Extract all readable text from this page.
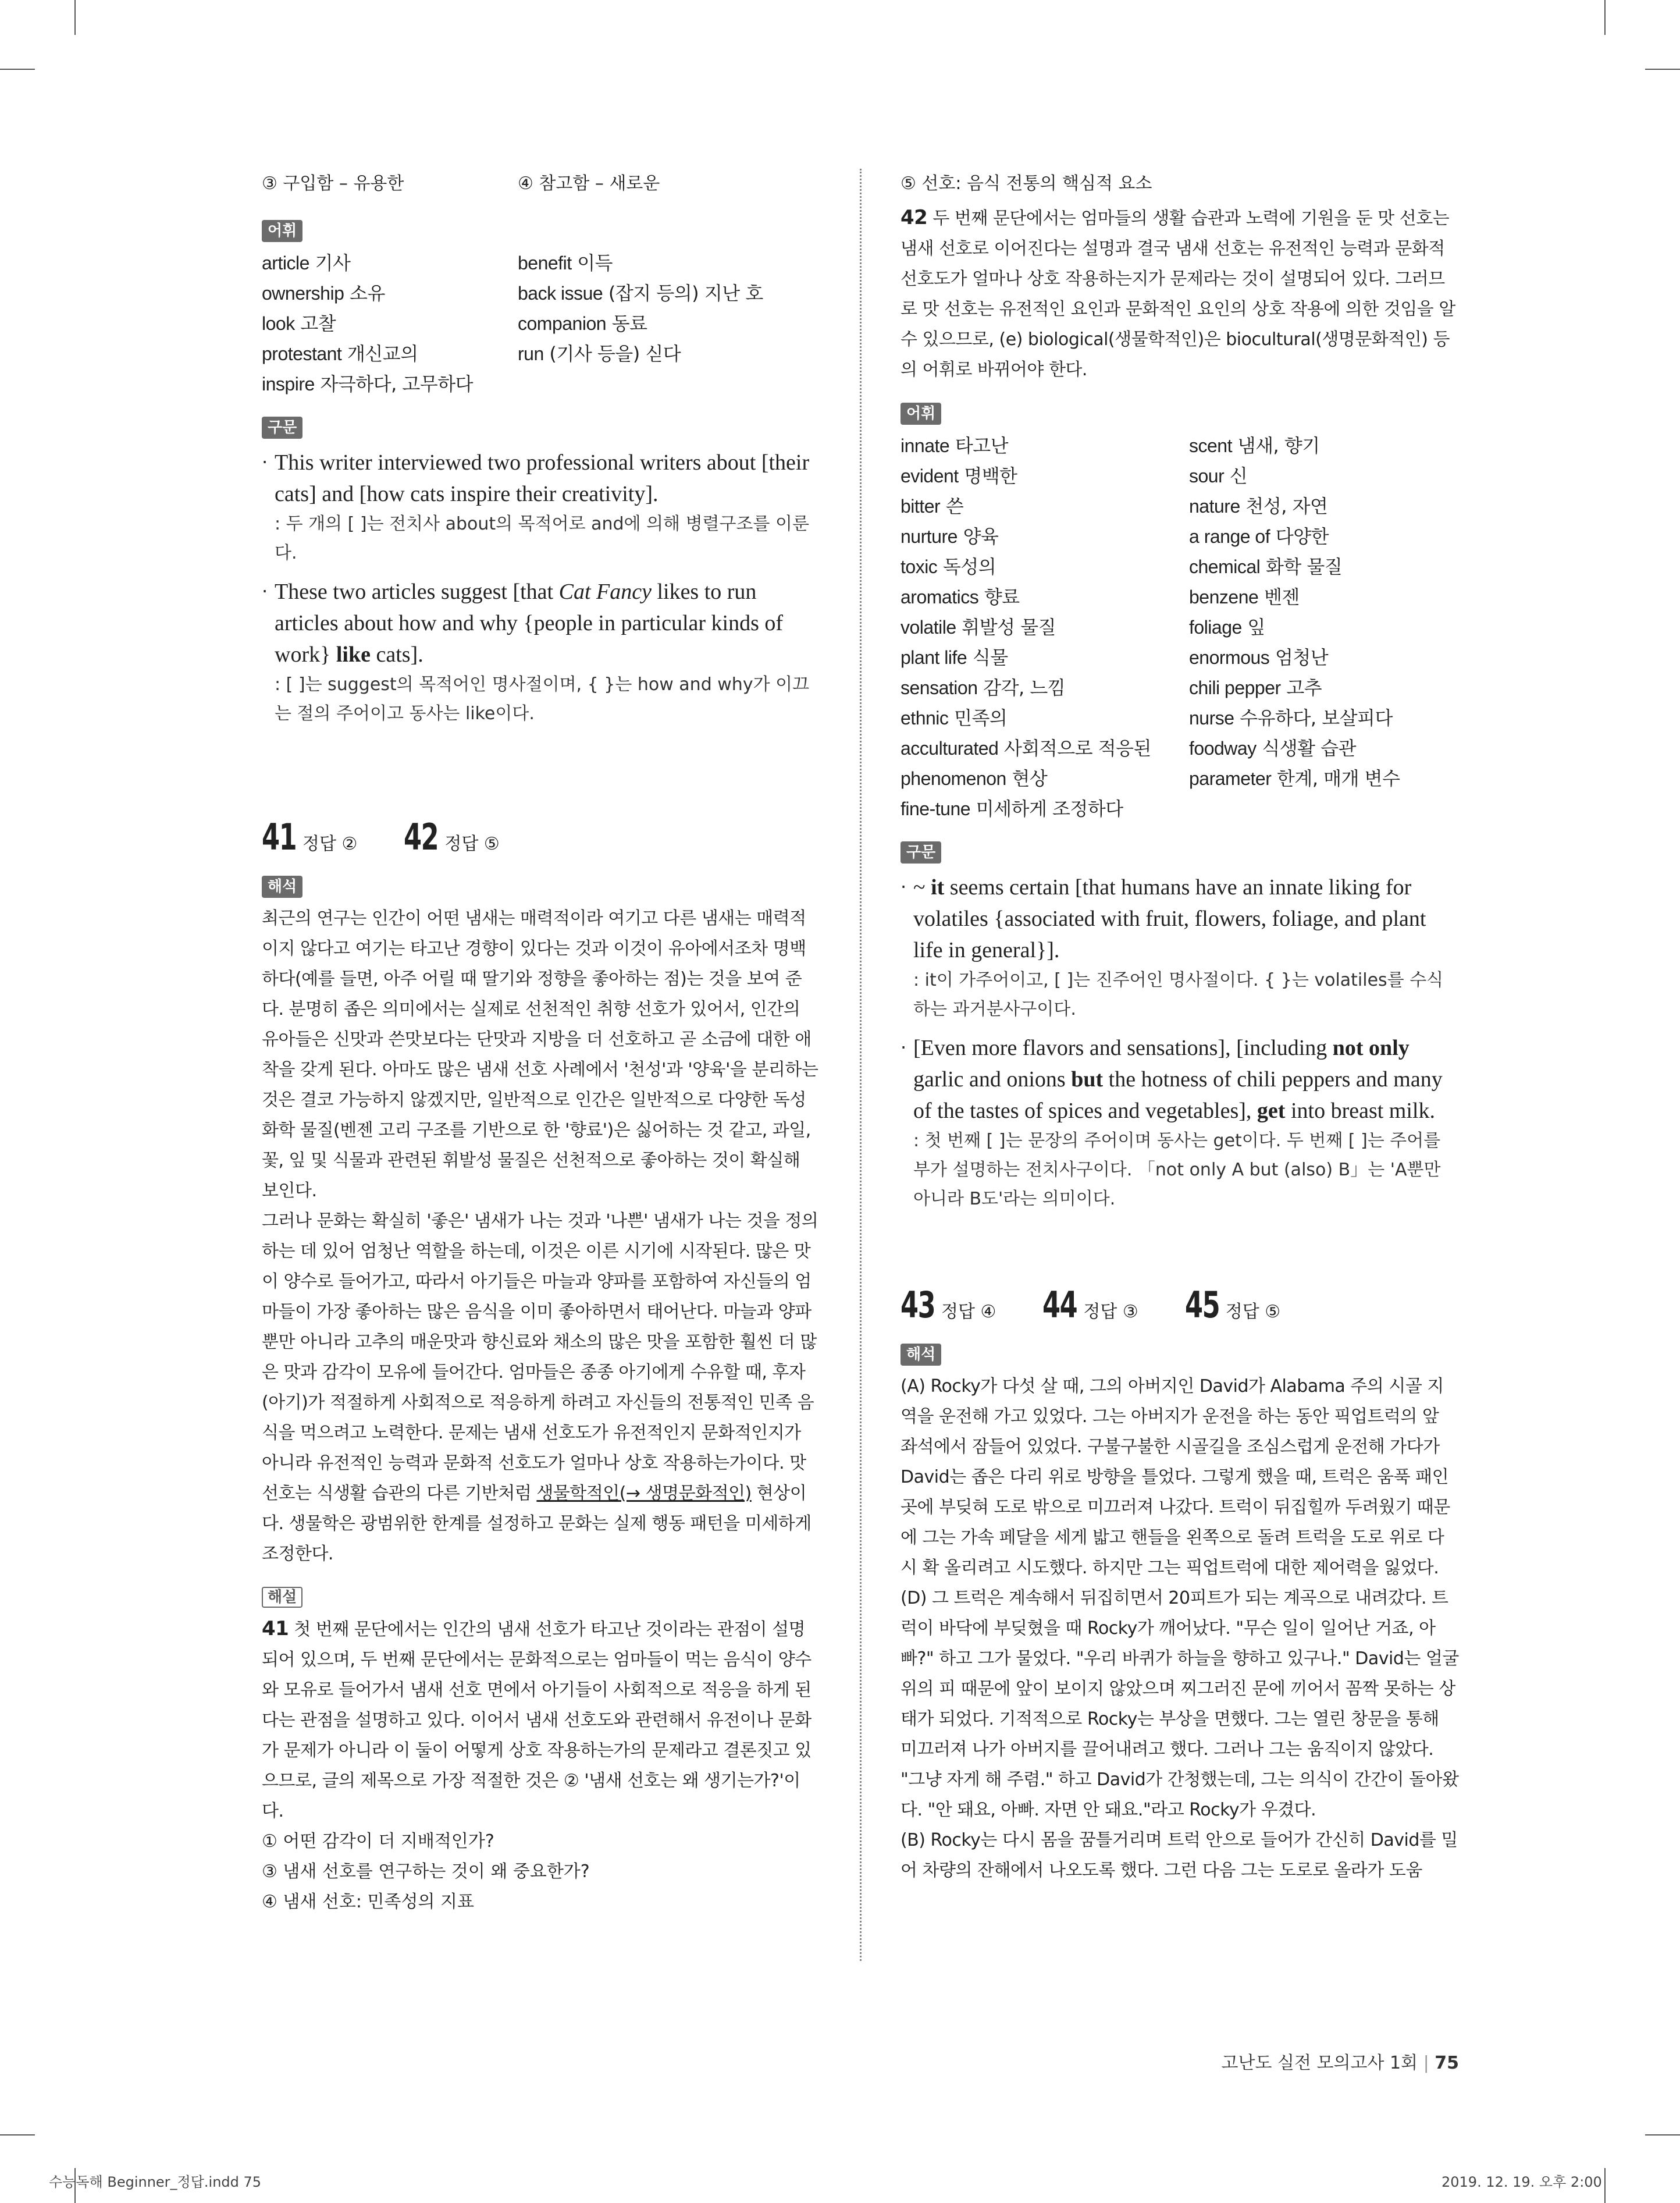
③ 구입함 – 유용한	④ 참고함 – 새로운
어휘
article 기사	benefit 이득
ownership 소유	back issue (잡지 등의) 지난 호
look 고찰	companion 동료
protestant 개신교의	run (기사 등을) 싣다
inspire 자극하다, 고무하다
구문
· This writer interviewed two professional writers about [their cats] and [how cats inspire their creativity].

: 두 개의 [ ]는 전치사 about의 목적어로 and에 의해 병렬구조를 이룬다.

· These two articles suggest [that Cat Fancy likes to run articles about how and why {people in particular kinds of work} like cats].

: [ ]는 suggest의 목적어인 명사절이며, { }는 how and why가 이끄는 절의 주어이고 동사는 like이다.

41 정답 ② 42 정답 ⑤
해석

최근의 연구는 인간이 어떤 냄새는 매력적이라 여기고 다른 냄새는 매력적이지 않다고 여기는 타고난 경향이 있다는 것과 이것이 유아에서조차 명백하다(예를 들면, 아주 어릴 때 딸기와 정향을 좋아하는 점)는 것을 보여 준다. 분명히 좁은 의미에서는 실제로 선천적인 취향 선호가 있어서, 인간의 유아들은 신맛과 쓴맛보다는 단맛과 지방을 더 선호하고 곧 소금에 대한 애착을 갖게 된다. 아마도 많은 냄새 선호 사례에서 '천성'과 '양육'을 분리하는 것은 결코 가능하지 않겠지만, 일반적으로 인간은 일반적으로 다양한 독성 화학 물질(벤젠 고리 구조를 기반으로 한 '향료')은 싫어하는 것 같고, 과일, 꽃, 잎 및 식물과 관련된 휘발성 물질은 선천적으로 좋아하는 것이 확실해 보인다.

그러나 문화는 확실히 '좋은' 냄새가 나는 것과 '나쁜' 냄새가 나는 것을 정의하는 데 있어 엄청난 역할을 하는데, 이것은 이른 시기에 시작된다. 많은 맛이 양수로 들어가고, 따라서 아기들은 마늘과 양파를 포함하여 자신들의 엄마들이 가장 좋아하는 많은 음식을 이미 좋아하면서 태어난다. 마늘과 양파뿐만 아니라 고추의 매운맛과 향신료와 채소의 많은 맛을 포함한 훨씬 더 많은 맛과 감각이 모유에 들어간다. 엄마들은 종종 아기에게 수유할 때, 후자(아기)가 적절하게 사회적으로 적응하게 하려고 자신들의 전통적인 민족 음식을 먹으려고 노력한다. 문제는 냄새 선호도가 유전적인지 문화적인지가 아니라 유전적인 능력과 문화적 선호도가 얼마나 상호 작용하는가이다. 맛 선호는 식생활 습관의 다른 기반처럼 생물학적인(→ 생명문화적인) 현상이다. 생물학은 광범위한 한계를 설정하고 문화는 실제 행동 패턴을 미세하게 조정한다.

해설

41 첫 번째 문단에서는 인간의 냄새 선호가 타고난 것이라는 관점이 설명되어 있으며, 두 번째 문단에서는 문화적으로는 엄마들이 먹는 음식이 양수와 모유로 들어가서 냄새 선호 면에서 아기들이 사회적으로 적응을 하게 된다는 관점을 설명하고 있다. 이어서 냄새 선호도와 관련해서 유전이나 문화가 문제가 아니라 이 둘이 어떻게 상호 작용하는가의 문제라고 결론짓고 있으므로, 글의 제목으로 가장 적절한 것은 ② '냄새 선호는 왜 생기는가?'이다.

① 어떤 감각이 더 지배적인가?

③ 냄새 선호를 연구하는 것이 왜 중요한가?

④ 냄새 선호: 민족성의 지표

⑤ 선호: 음식 전통의 핵심적 요소

42 두 번째 문단에서는 엄마들의 생활 습관과 노력에 기원을 둔 맛 선호는 냄새 선호로 이어진다는 설명과 결국 냄새 선호는 유전적인 능력과 문화적 선호도가 얼마나 상호 작용하는지가 문제라는 것이 설명되어 있다. 그러므로 맛 선호는 유전적인 요인과 문화적인 요인의 상호 작용에 의한 것임을 알 수 있으므로, (e) biological(생물학적인)은 biocultural(생명문화적인) 등의 어휘로 바뀌어야 한다.

어휘
innate 타고난	scent 냄새, 향기
evident 명백한	sour 신
bitter 쓴	nature 천성, 자연
nurture 양육	a range of 다양한
toxic 독성의	chemical 화학 물질
aromatics 향료	benzene 벤젠
volatile 휘발성 물질	foliage 잎
plant life 식물	enormous 엄청난
sensation 감각, 느낌	chili pepper 고추
ethnic 민족의	nurse 수유하다, 보살피다
acculturated 사회적으로 적응된	foodway 식생활 습관
phenomenon 현상	parameter 한계, 매개 변수
fine-tune 미세하게 조정하다
구문
· ~ it seems certain [that humans have an innate liking for volatiles {associated with fruit, flowers, foliage, and plant life in general}].

: it이 가주어이고, [ ]는 진주어인 명사절이다. { }는 volatiles를 수식하는 과거분사구이다.

· [Even more flavors and sensations], [including not only garlic and onions but the hotness of chili peppers and many of the tastes of spices and vegetables], get into breast milk.

: 첫 번째 [ ]는 문장의 주어이며 동사는 get이다. 두 번째 [ ]는 주어를 부가 설명하는 전치사구이다. 「not only A but (also) B」는 'A뿐만 아니라 B도'라는 의미이다.

43 정답 ④ 44 정답 ③ 45 정답 ⑤
해석

(A) Rocky가 다섯 살 때, 그의 아버지인 David가 Alabama 주의 시골 지역을 운전해 가고 있었다. 그는 아버지가 운전을 하는 동안 픽업트럭의 앞 좌석에서 잠들어 있었다. 구불구불한 시골길을 조심스럽게 운전해 가다가 David는 좁은 다리 위로 방향을 틀었다. 그렇게 했을 때, 트럭은 움푹 패인 곳에 부딪혀 도로 밖으로 미끄러져 나갔다. 트럭이 뒤집힐까 두려웠기 때문에 그는 가속 페달을 세게 밟고 핸들을 왼쪽으로 돌려 트럭을 도로 위로 다시 확 올리려고 시도했다. 하지만 그는 픽업트럭에 대한 제어력을 잃었다.

(D) 그 트럭은 계속해서 뒤집히면서 20피트가 되는 계곡으로 내려갔다. 트럭이 바닥에 부딪혔을 때 Rocky가 깨어났다. "무슨 일이 일어난 거죠, 아빠?" 하고 그가 물었다. "우리 바퀴가 하늘을 향하고 있구나." David는 얼굴 위의 피 때문에 앞이 보이지 않았으며 찌그러진 문에 끼어서 꼼짝 못하는 상태가 되었다. 기적적으로 Rocky는 부상을 면했다. 그는 열린 창문을 통해 미끄러져 나가 아버지를 끌어내려고 했다. 그러나 그는 움직이지 않았다. "그냥 자게 해 주렴." 하고 David가 간청했는데, 그는 의식이 간간이 돌아왔다. "안 돼요, 아빠. 자면 안 돼요."라고 Rocky가 우겼다.

(B) Rocky는 다시 몸을 꿈틀거리며 트럭 안으로 들어가 간신히 David를 밀어 차량의 잔해에서 나오도록 했다. 그런 다음 그는 도로로 올라가 도움

고난도 실전 모의고사 1회 | 75
수능독해 Beginner_정답.indd 75	2019. 12. 19. 오후 2:00
